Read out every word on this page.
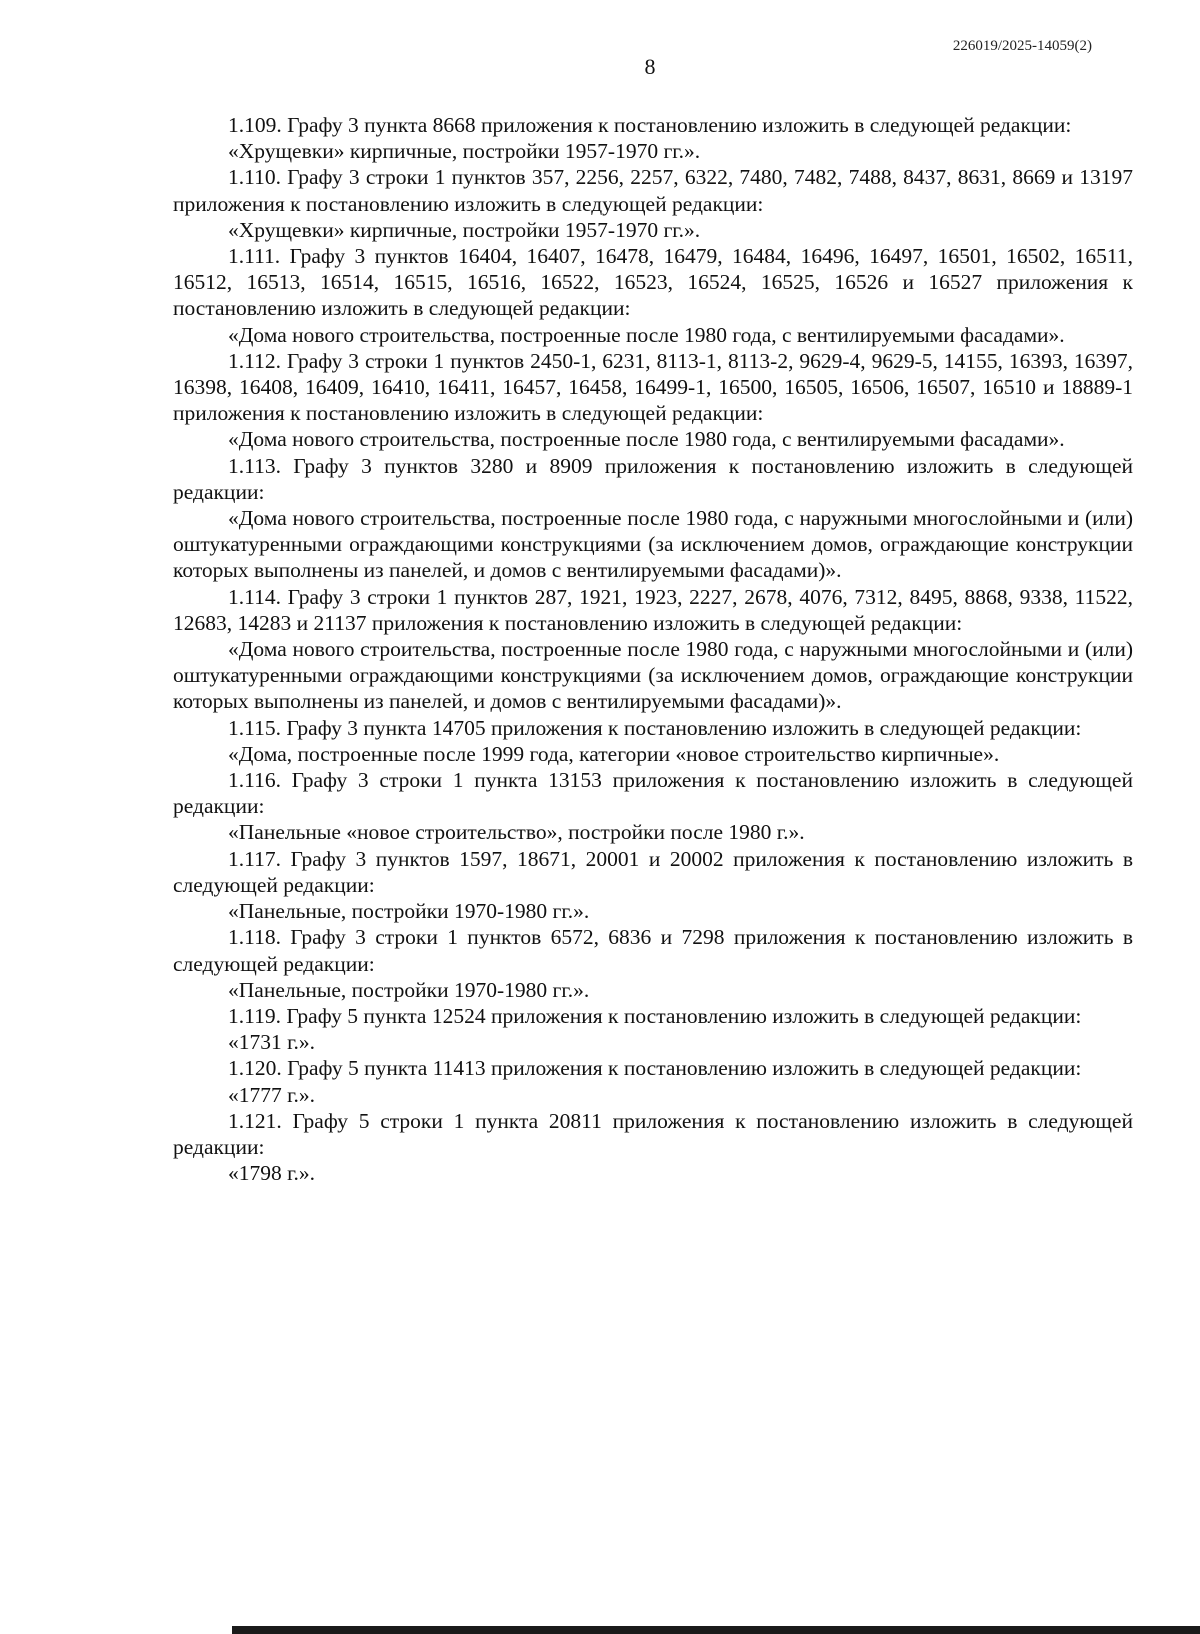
226019/2025-14059(2)
8

1.109. Графу 3 пункта 8668 приложения к постановлению изложить в следующей редакции:

«Хрущевки» кирпичные, постройки 1957-1970 гг.».

1.110. Графу 3 строки 1 пунктов 357, 2256, 2257, 6322, 7480, 7482, 7488, 8437, 8631, 8669 и 13197 приложения к постановлению изложить в следующей редакции:

«Хрущевки» кирпичные, постройки 1957-1970 гг.».

1.111. Графу 3 пунктов 16404, 16407, 16478, 16479, 16484, 16496, 16497, 16501, 16502, 16511, 16512, 16513, 16514, 16515, 16516, 16522, 16523, 16524, 16525, 16526 и 16527 приложения к постановлению изложить в следующей редакции:

«Дома нового строительства, построенные после 1980 года, с вентилируемыми фасадами».

1.112. Графу 3 строки 1 пунктов 2450-1, 6231, 8113-1, 8113-2, 9629-4, 9629-5, 14155, 16393, 16397, 16398, 16408, 16409, 16410, 16411, 16457, 16458, 16499-1, 16500, 16505, 16506, 16507, 16510 и 18889-1 приложения к постановлению изложить в следующей редакции:

«Дома нового строительства, построенные после 1980 года, с вентилируемыми фасадами».

1.113. Графу 3 пунктов 3280 и 8909 приложения к постановлению изложить в следующей редакции:

«Дома нового строительства, построенные после 1980 года, с наружными многослойными и (или) оштукатуренными ограждающими конструкциями (за исключением домов, ограждающие конструкции которых выполнены из панелей, и домов с вентилируемыми фасадами)».

1.114. Графу 3 строки 1 пунктов 287, 1921, 1923, 2227, 2678, 4076, 7312, 8495, 8868, 9338, 11522, 12683, 14283 и 21137 приложения к постановлению изложить в следующей редакции:

«Дома нового строительства, построенные после 1980 года, с наружными многослойными и (или) оштукатуренными ограждающими конструкциями (за исключением домов, ограждающие конструкции которых выполнены из панелей, и домов с вентилируемыми фасадами)».

1.115. Графу 3 пункта 14705 приложения к постановлению изложить в следующей редакции:

«Дома, построенные после 1999 года, категории «новое строительство кирпичные».

1.116. Графу 3 строки 1 пункта 13153 приложения к постановлению изложить в следующей редакции:

«Панельные «новое строительство», постройки после 1980 г.».

1.117. Графу 3 пунктов 1597, 18671, 20001 и 20002 приложения к постановлению изложить в следующей редакции:

«Панельные, постройки 1970-1980 гг.».

1.118. Графу 3 строки 1 пунктов 6572, 6836 и 7298 приложения к постановлению изложить в следующей редакции:

«Панельные, постройки 1970-1980 гг.».

1.119. Графу 5 пункта 12524 приложения к постановлению изложить в следующей редакции:

«1731 г.».

1.120. Графу 5 пункта 11413 приложения к постановлению изложить в следующей редакции:

«1777 г.».

1.121. Графу 5 строки 1 пункта 20811 приложения к постановлению изложить в следующей редакции:

«1798 г.».
